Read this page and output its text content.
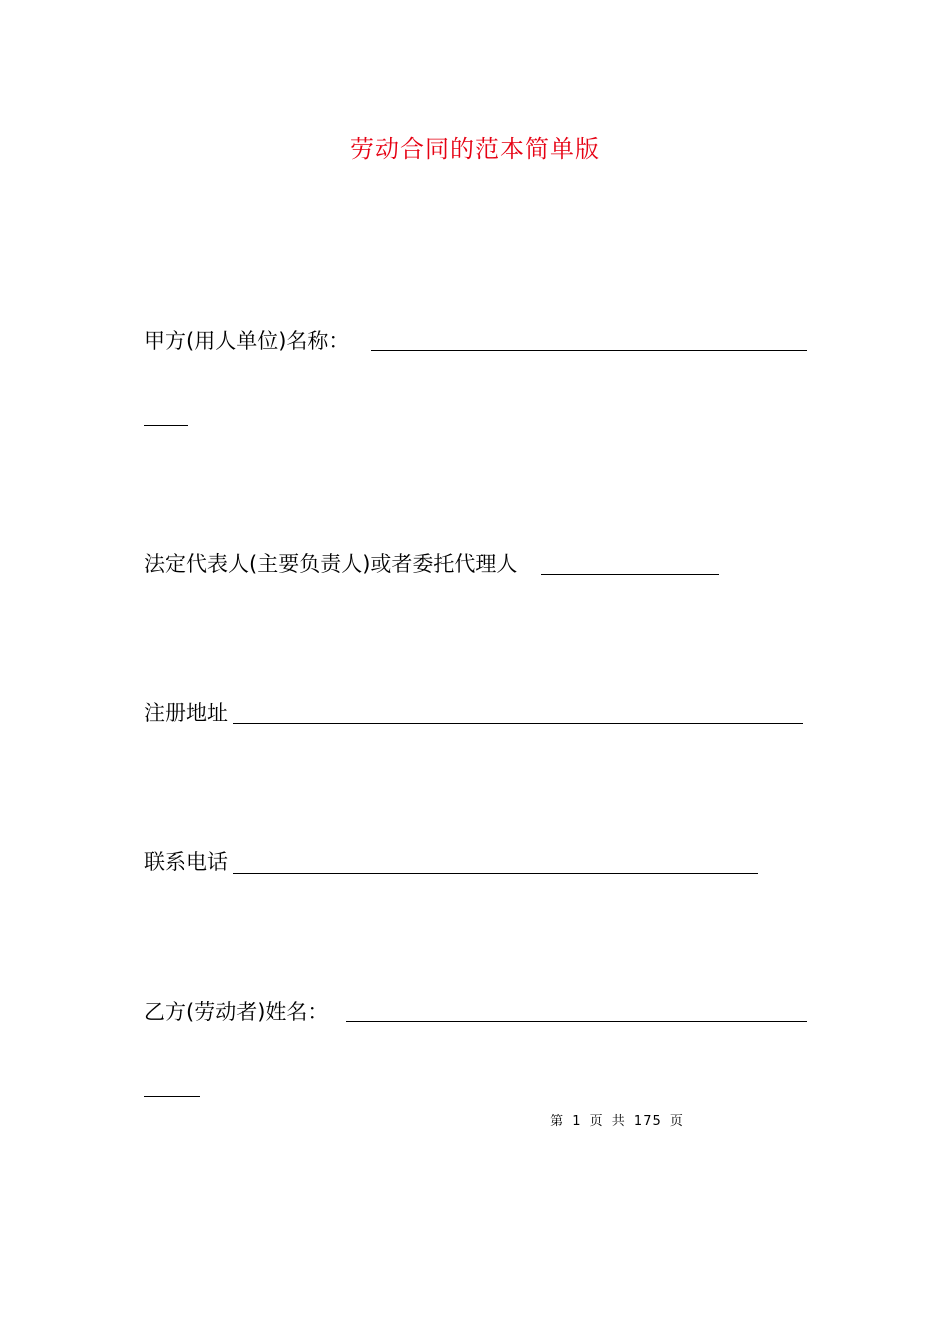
劳动合同的范本简单版
甲方(用人单位)名称：
法定代表人(主要负责人)或者委托代理人
注册地址
联系电话
乙方(劳动者)姓名：
第 1 页 共 175 页
